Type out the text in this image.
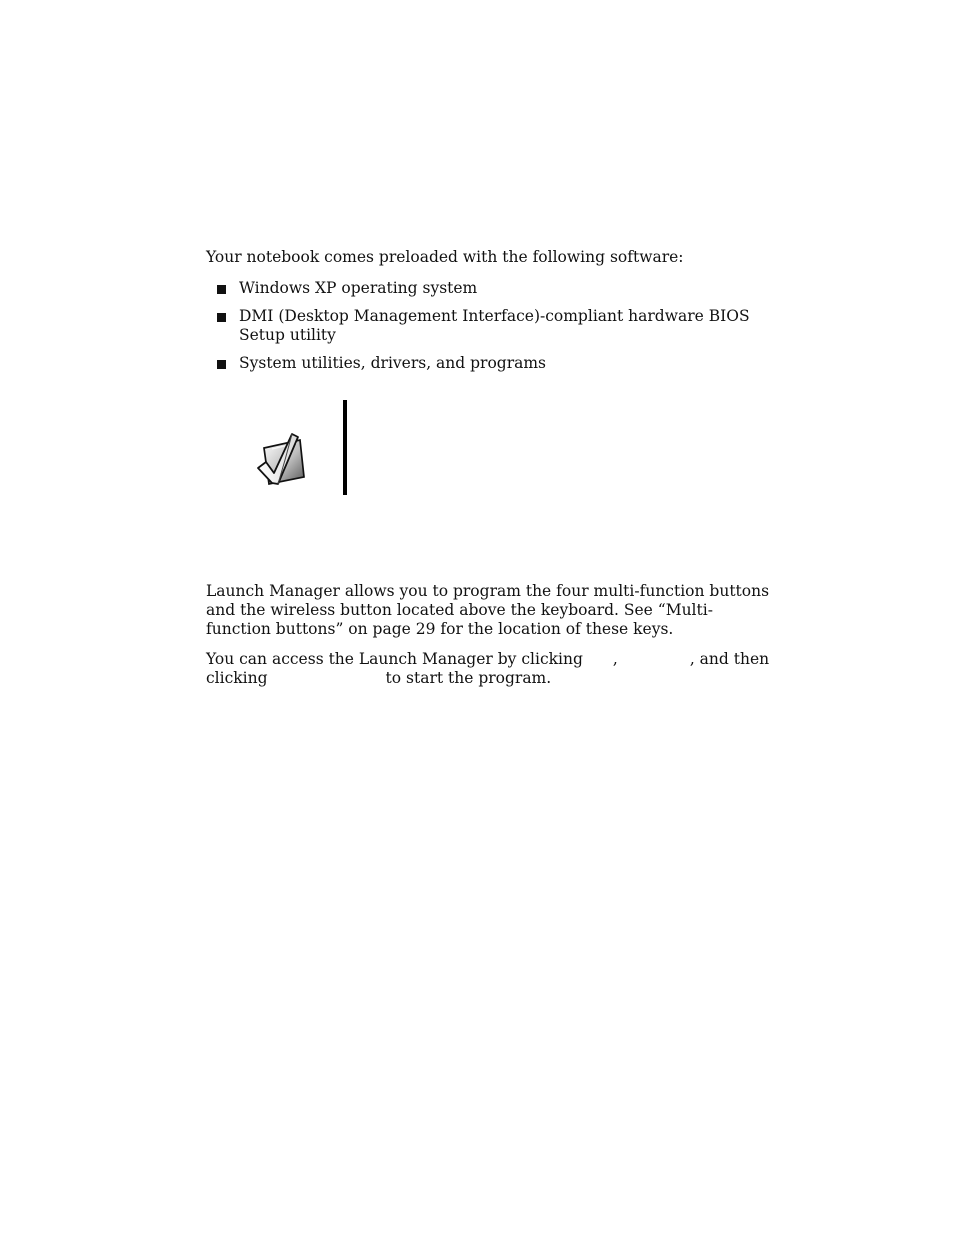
Your notebook comes preloaded with the following software:
Windows XP operating system
DMI (Desktop Management Interface)-compliant hardware BIOS Setup utility
System utilities, drivers, and programs
Launch Manager allows you to program the four multi-function buttons and the wireless button located above the keyboard. See “Multi-function buttons” on page 29 for the location of these keys.
You can access the Launch Manager by clicking ,	, and then clicking	to start the program.
